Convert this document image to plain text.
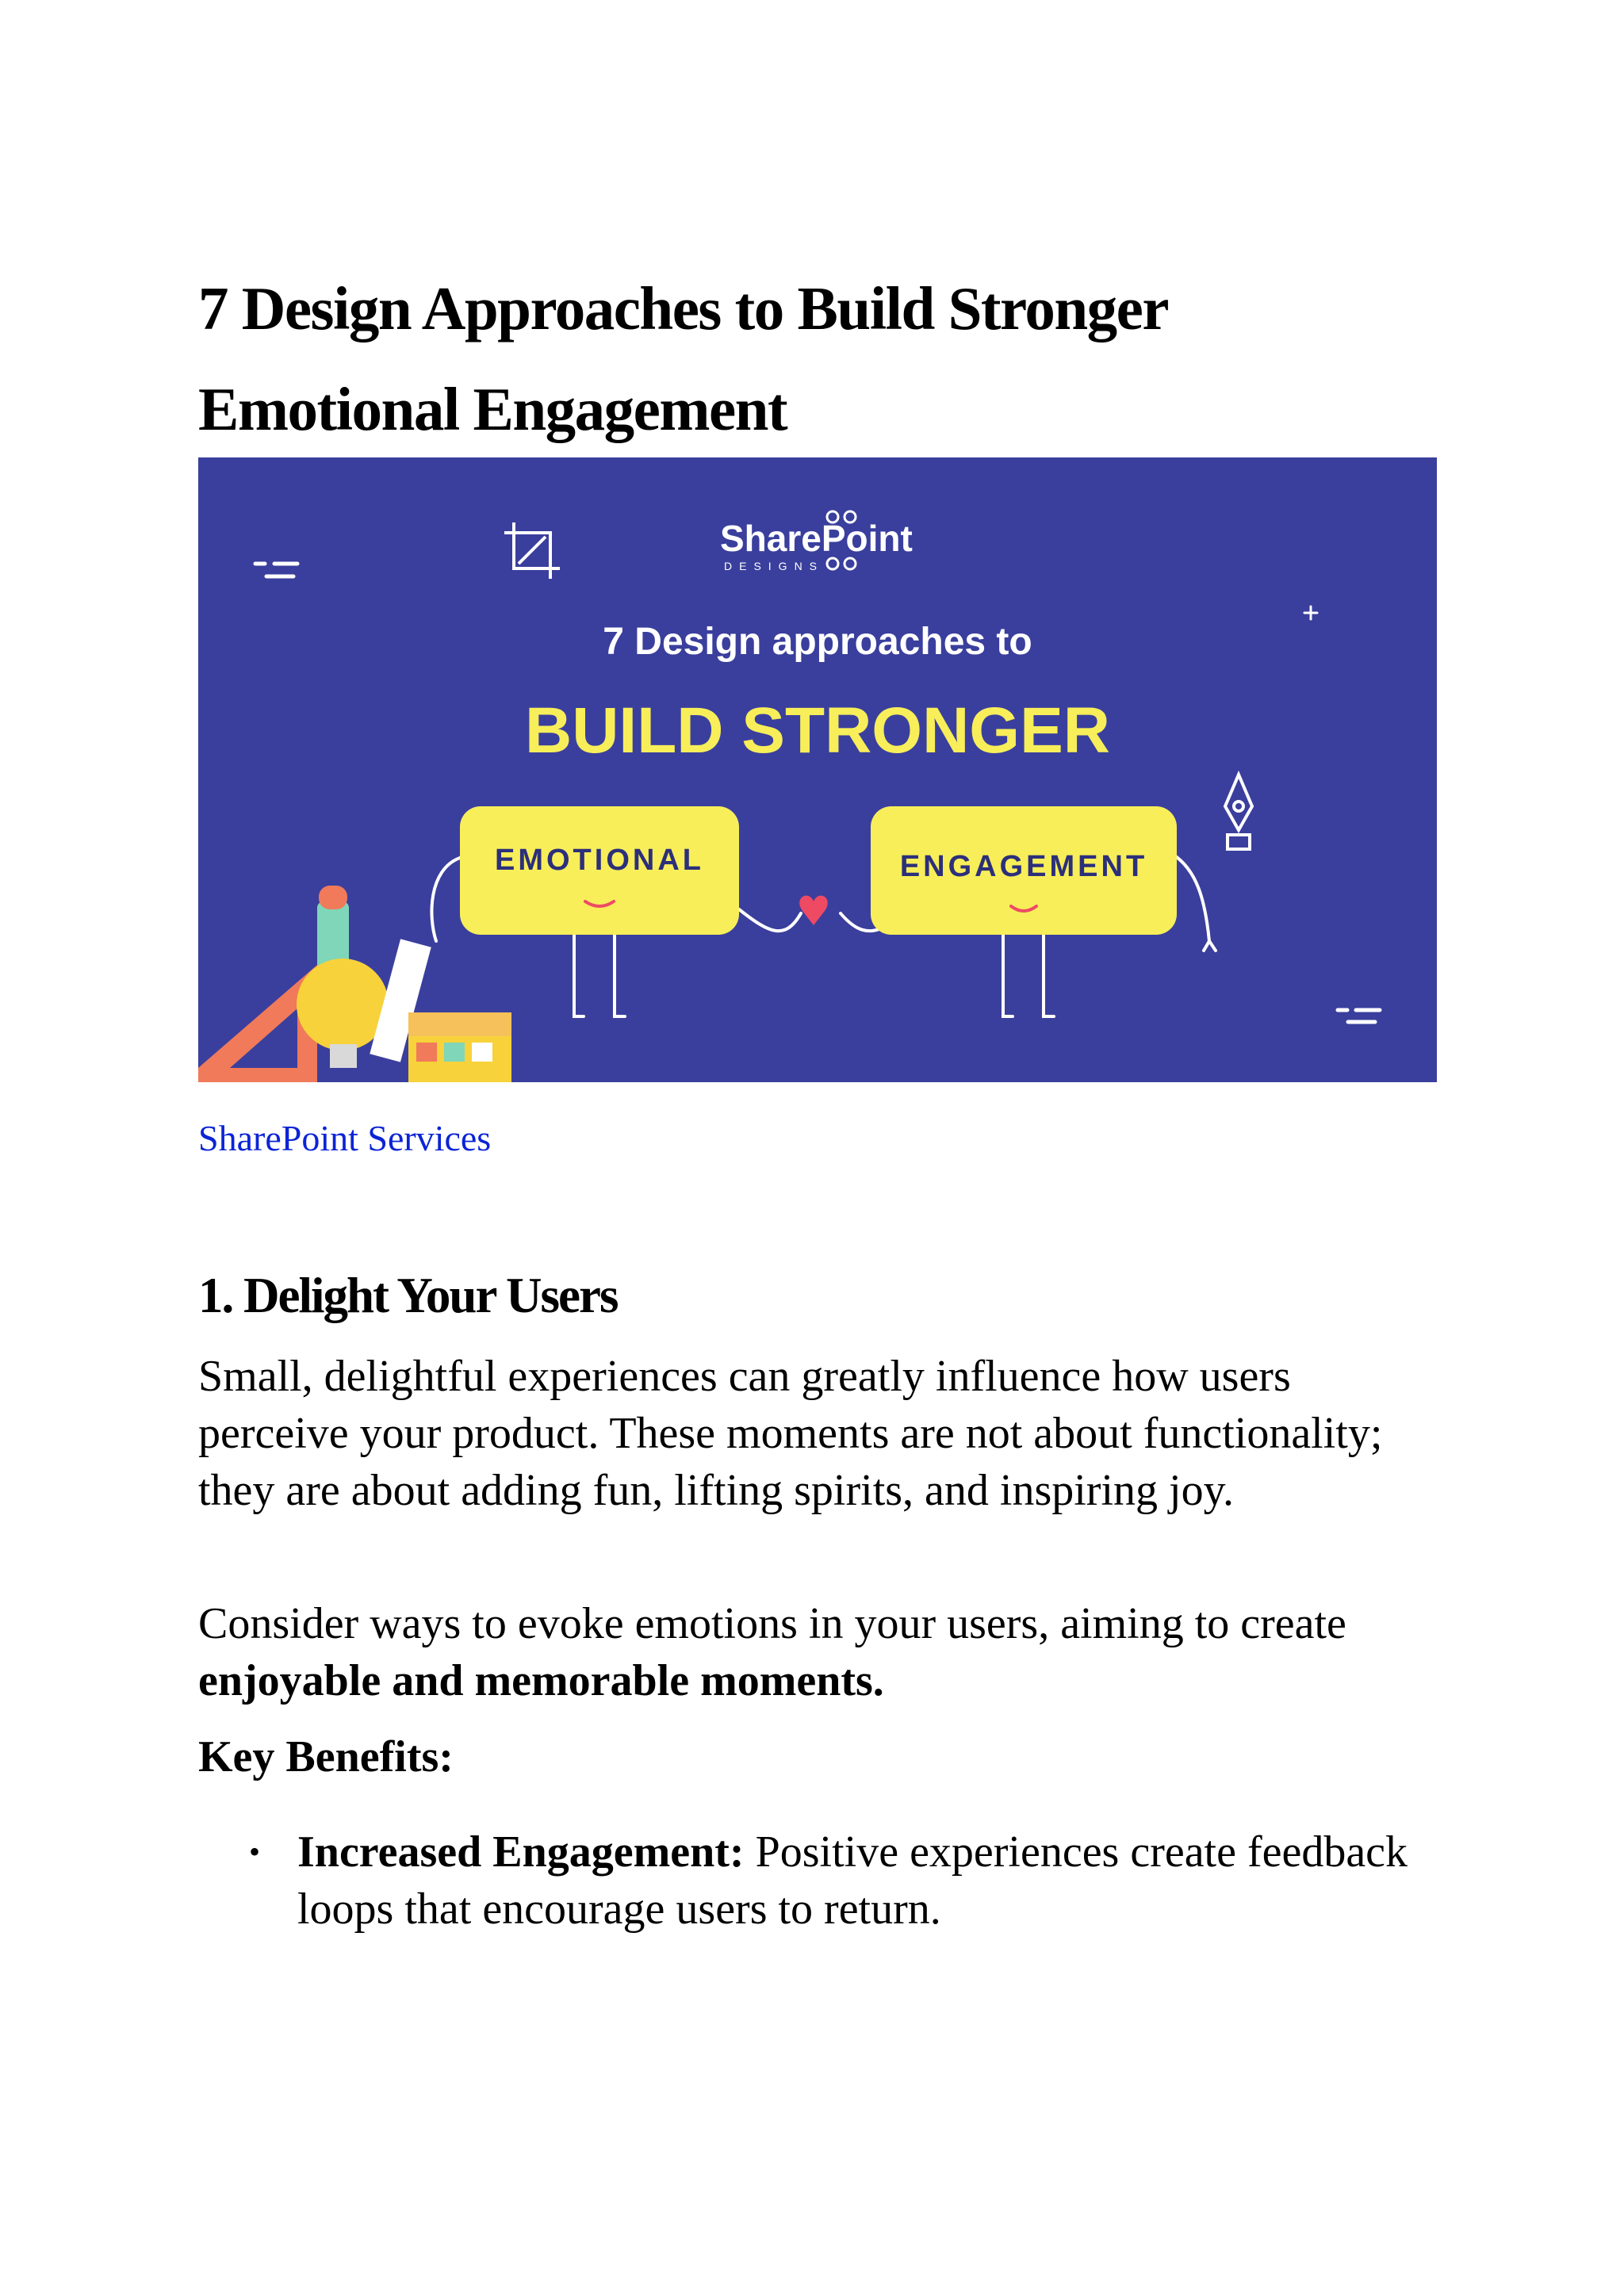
7 Design Approaches to Build Stronger
Emotional Engagement
SharePoint
DESIGNS
7 Design approaches to
BUILD STRONGER
EMOTIONAL	ENGAGEMENT
SharePoint Services
1. Delight Your Users

Small, delightful experiences can greatly influence how users perceive your product. These moments are not about functionality; they are about adding fun, lifting spirits, and inspiring joy.

Consider ways to evoke emotions in your users, aiming to create enjoyable and memorable moments.

Key Benefits:

• Increased Engagement: Positive experiences create feedback loops that encourage users to return.
